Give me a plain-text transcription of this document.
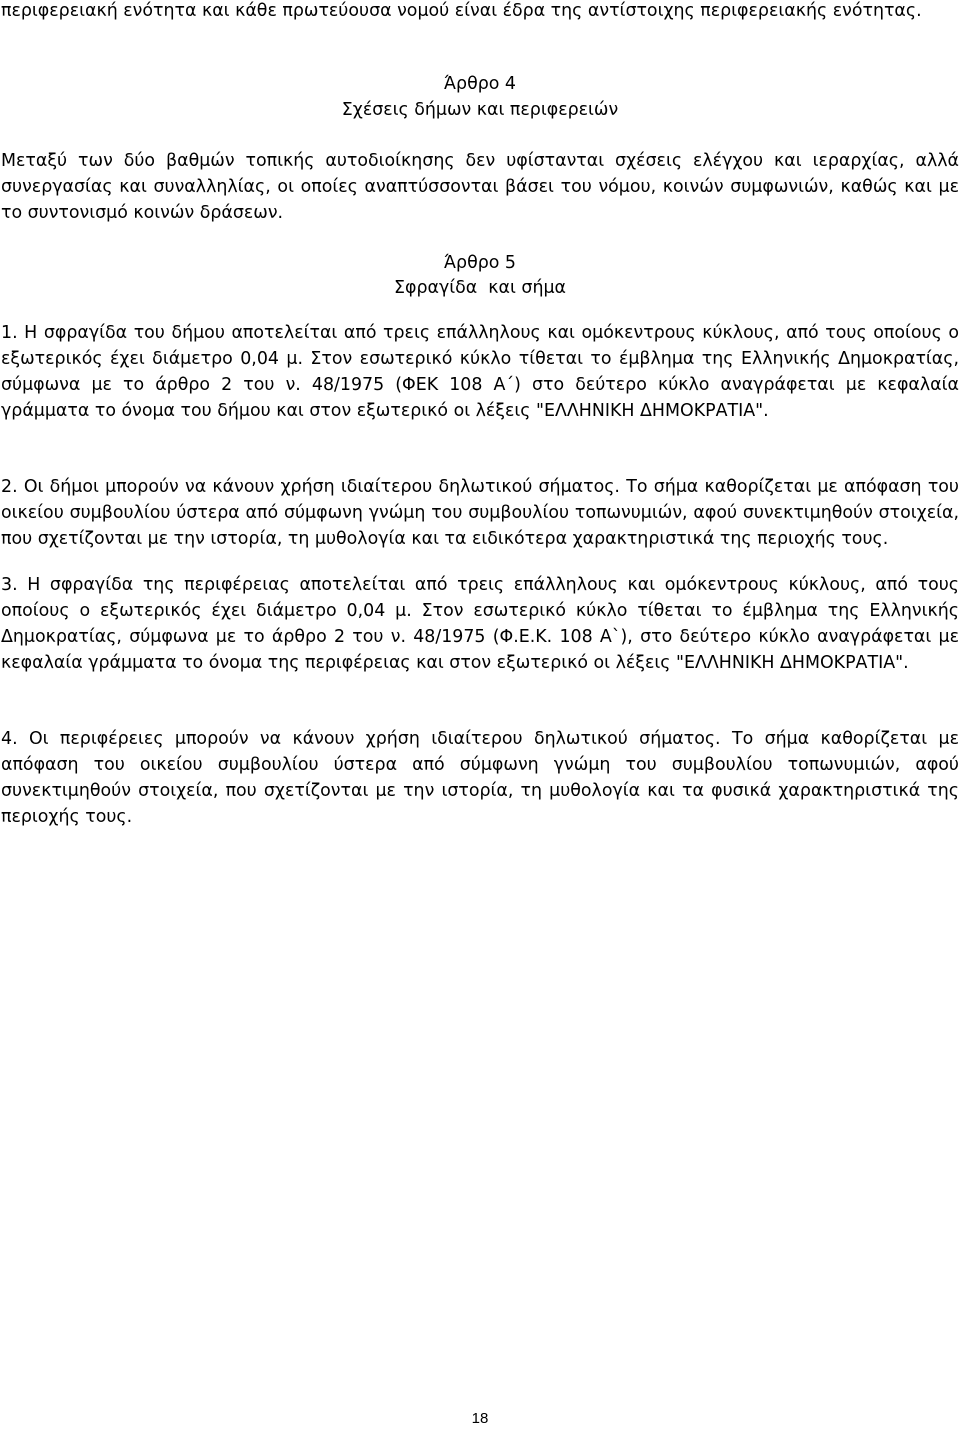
περιφερειακή ενότητα και κάθε πρωτεύουσα νομού είναι έδρα της αντίστοιχης περιφερειακής ενότητας.

Άρθρο 4
Σχέσεις δήμων και περιφερειών

Μεταξύ των δύο βαθμών τοπικής αυτοδιοίκησης δεν υφίστανται σχέσεις ελέγχου και ιεραρχίας, αλλά συνεργασίας και συναλληλίας, οι οποίες αναπτύσσονται βάσει του νόμου, κοινών συμφωνιών, καθώς και με το συντονισμό κοινών δράσεων.

Άρθρο 5
Σφραγίδα  και σήμα

1. Η σφραγίδα του δήμου αποτελείται από τρεις επάλληλους και ομόκεντρους κύκλους, από τους οποίους ο εξωτερικός έχει διάμετρο 0,04 μ. Στον εσωτερικό κύκλο τίθεται το έμβλημα της Ελληνικής Δημοκρατίας, σύμφωνα με το άρθρο 2 του ν. 48/1975 (ΦΕΚ 108 Α΄) στο δεύτερο κύκλο αναγράφεται με κεφαλαία γράμματα το όνομα του δήμου και στον εξωτερικό οι λέξεις "ΕΛΛΗΝΙΚΗ ΔΗΜΟΚΡΑΤΙΑ".

2. Οι δήμοι μπορούν να κάνουν χρήση ιδιαίτερου δηλωτικού σήματος. Το σήμα καθορίζεται με απόφαση του οικείου συμβουλίου ύστερα από σύμφωνη γνώμη του συμβουλίου τοπωνυμιών, αφού συνεκτιμηθούν στοιχεία, που σχετίζονται με την ιστορία, τη μυθολογία και τα ειδικότερα χαρακτηριστικά της περιοχής τους.

3. Η σφραγίδα της περιφέρειας αποτελείται από τρεις επάλληλους και ομόκεντρους κύκλους, από τους οποίους ο εξωτερικός έχει διάμετρο 0,04 μ. Στον εσωτερικό κύκλο τίθεται το έμβλημα της Ελληνικής Δημοκρατίας, σύμφωνα με το άρθρο 2 του ν. 48/1975 (Φ.Ε.Κ. 108 Α`), στο δεύτερο κύκλο αναγράφεται με κεφαλαία γράμματα το όνομα της περιφέρειας και στον εξωτερικό οι λέξεις "ΕΛΛΗΝΙΚΗ ΔΗΜΟΚΡΑΤΙΑ".

4. Οι περιφέρειες μπορούν να κάνουν χρήση ιδιαίτερου δηλωτικού σήματος. Το σήμα καθορίζεται με απόφαση του οικείου συμβουλίου ύστερα από σύμφωνη γνώμη του συμβουλίου τοπωνυμιών, αφού συνεκτιμηθούν στοιχεία, που σχετίζονται με την ιστορία, τη μυθολογία και τα φυσικά χαρακτηριστικά της περιοχής τους.

18
